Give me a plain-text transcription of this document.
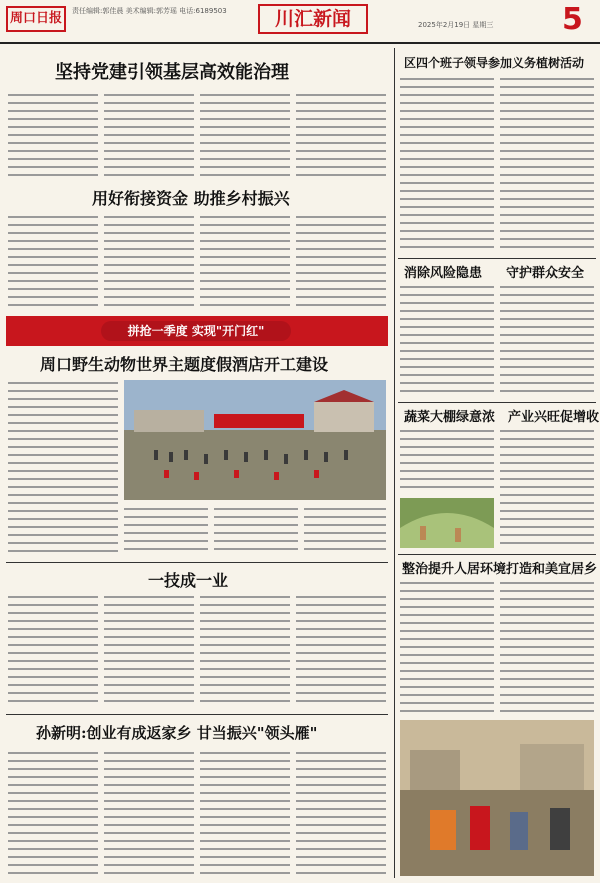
周口日报	责任编辑:郭佳晨 美术编辑:郭芳瑶 电话:6189503	川汇新闻	2025年2月19日 星期三 5
坚持党建引领基层高效能治理
用好衔接资金 助推乡村振兴
拼抢一季度 实现"开门红"
周口野生动物世界主题度假酒店开工建设
一技成一业
孙新明:创业有成返家乡 甘当振兴"领头雁"
区四个班子领导参加义务植树活动
消除风险隐患 守护群众安全
蔬菜大棚绿意浓 产业兴旺促增收
整治提升人居环境 打造和美宜居乡
